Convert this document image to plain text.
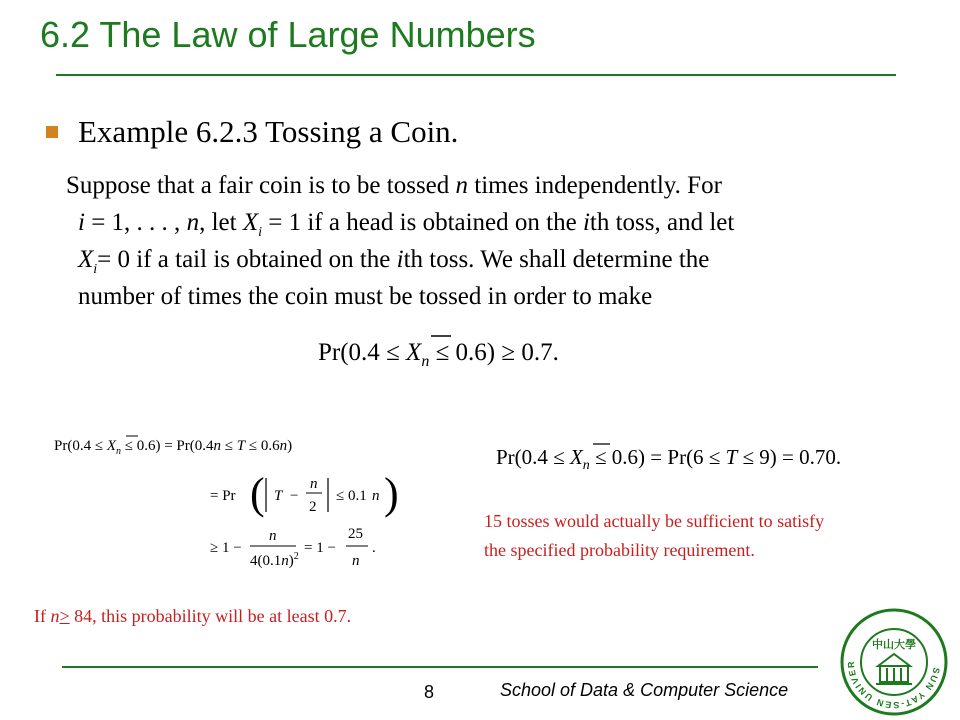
6.2 The Law of Large Numbers
Example 6.2.3 Tossing a Coin.
Suppose that a fair coin is to be tossed n times independently. For
i = 1, . . . , n, let $X_i = 1$ if a head is obtained on the ith toss, and let
$X_i= 0$ if a tail is obtained on the ith toss. We shall determine the
number of times the coin must be tossed in order to make
$Pr(0.4 \le X_n \le 0.6) \ge 0.7$.
$Pr(0.4 \le X_n \le 0.6) = Pr(0.4n \le T \le 0.6n)$
= Pr ( T −
n
2
≤ 0.1 n )
≥ 1 −
n
$4(0.1n)^2$
= 1 −
25
n
.
$Pr(0.4 \le X_n \le 0.6) = Pr(6 \le T \le 9) = 0.70$.
15 tosses would actually be sufficient to satisfy
the specified probability requirement.
If n≥ 84, this probability will be at least 0.7.
8	School of Data & Computer Science
SUN YAT-SEN UNIVERSITY
中山大學
